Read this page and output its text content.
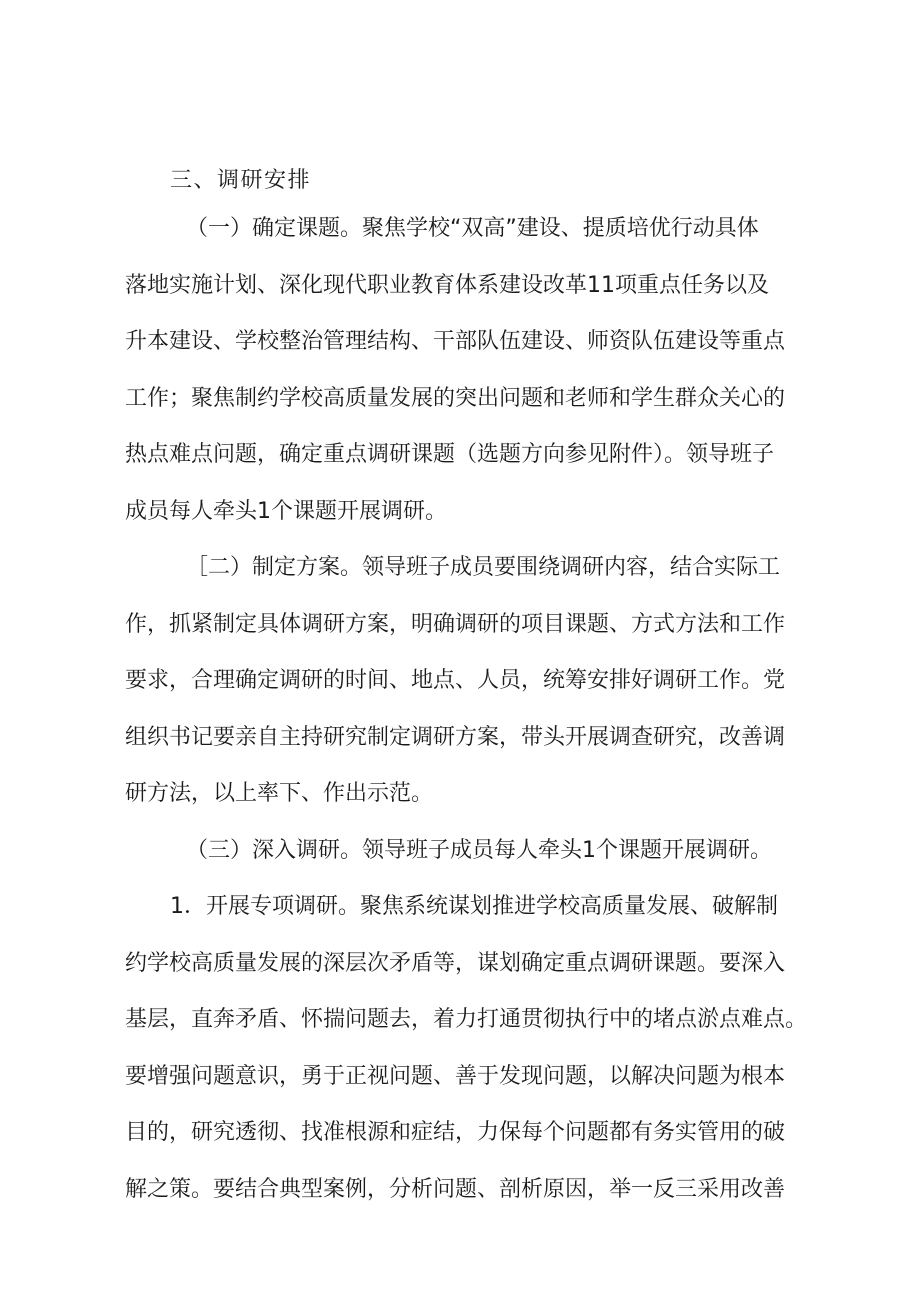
三、调研安排
（一）确定课题。聚焦学校“双高”建设、提质培优行动具体
落地实施计划、深化现代职业教育体系建设改革11项重点任务以及
升本建设、学校整治管理结构、干部队伍建设、师资队伍建设等重点
工作；聚焦制约学校高质量发展的突出问题和老师和学生群众关心的
热点难点问题，确定重点调研课题（选题方向参见附件）。领导班子
成员每人牵头1个课题开展调研。
［二）制定方案。领导班子成员要围绕调研内容，结合实际工
作，抓紧制定具体调研方案，明确调研的项目课题、方式方法和工作
要求，合理确定调研的时间、地点、人员，统筹安排好调研工作。党
组织书记要亲自主持研究制定调研方案，带头开展调查研究，改善调
研方法，以上率下、作出示范。
（三）深入调研。领导班子成员每人牵头1个课题开展调研。
1．开展专项调研。聚焦系统谋划推进学校高质量发展、破解制
约学校高质量发展的深层次矛盾等，谋划确定重点调研课题。要深入
基层，直奔矛盾、怀揣问题去，着力打通贯彻执行中的堵点淤点难点。
要增强问题意识，勇于正视问题、善于发现问题，以解决问题为根本
目的，研究透彻、找准根源和症结，力保每个问题都有务实管用的破
解之策。要结合典型案例，分析问题、剖析原因，举一反三采用改善
